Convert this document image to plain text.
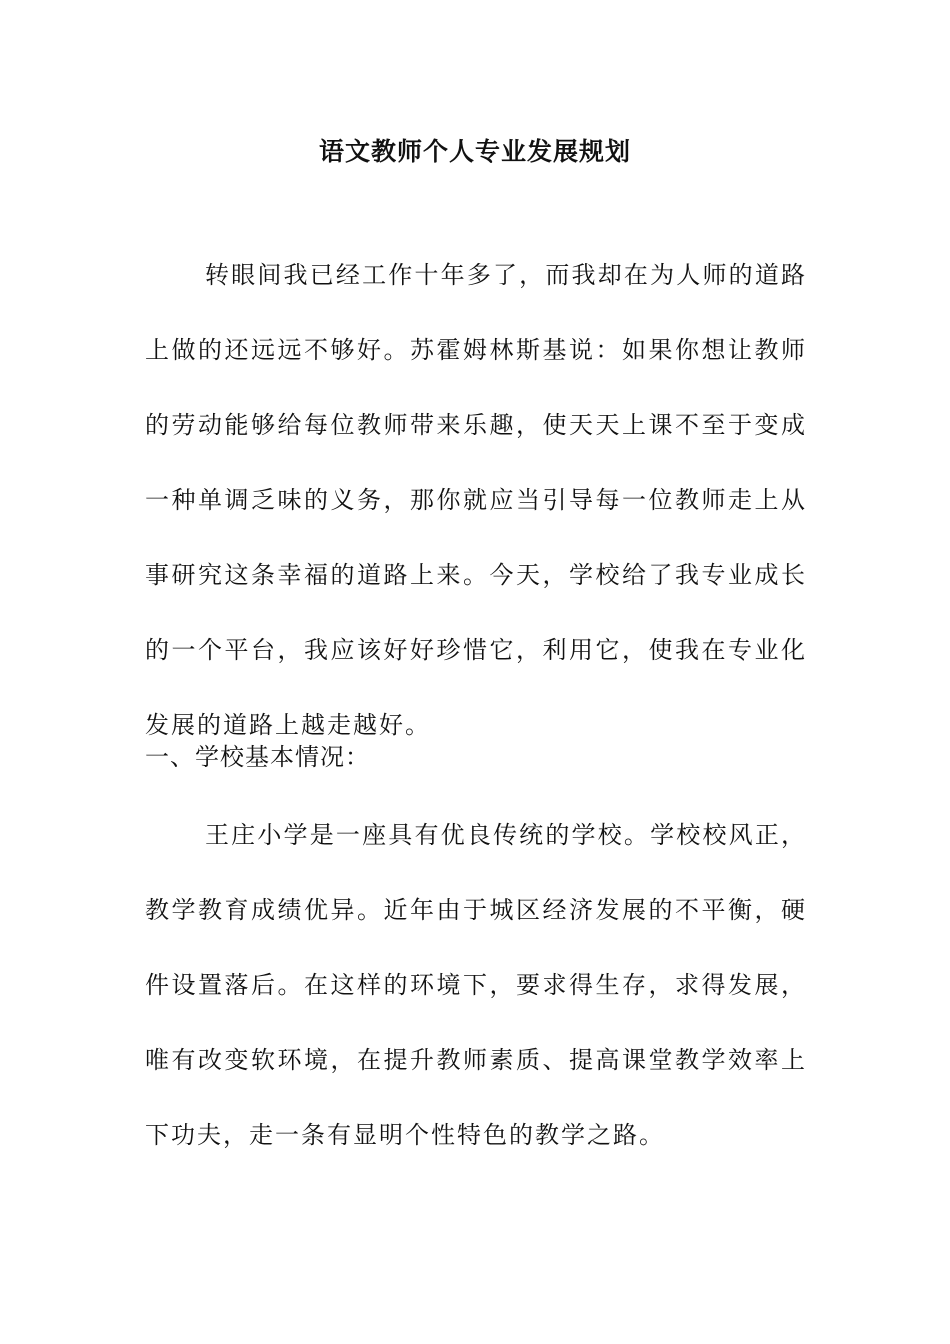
语文教师个人专业发展规划

转眼间我已经工作十年多了，而我却在为人师的道路上做的还远远不够好。苏霍姆林斯基说：如果你想让教师的劳动能够给每位教师带来乐趣，使天天上课不至于变成一种单调乏味的义务，那你就应当引导每一位教师走上从事研究这条幸福的道路上来。今天，学校给了我专业成长的一个平台，我应该好好珍惜它，利用它，使我在专业化发展的道路上越走越好。

一、学校基本情况：

王庄小学是一座具有优良传统的学校。学校校风正，教学教育成绩优异。近年由于城区经济发展的不平衡，硬件设置落后。在这样的环境下，要求得生存，求得发展，唯有改变软环境，在提升教师素质、提高课堂教学效率上下功夫，走一条有显明个性特色的教学之路。
